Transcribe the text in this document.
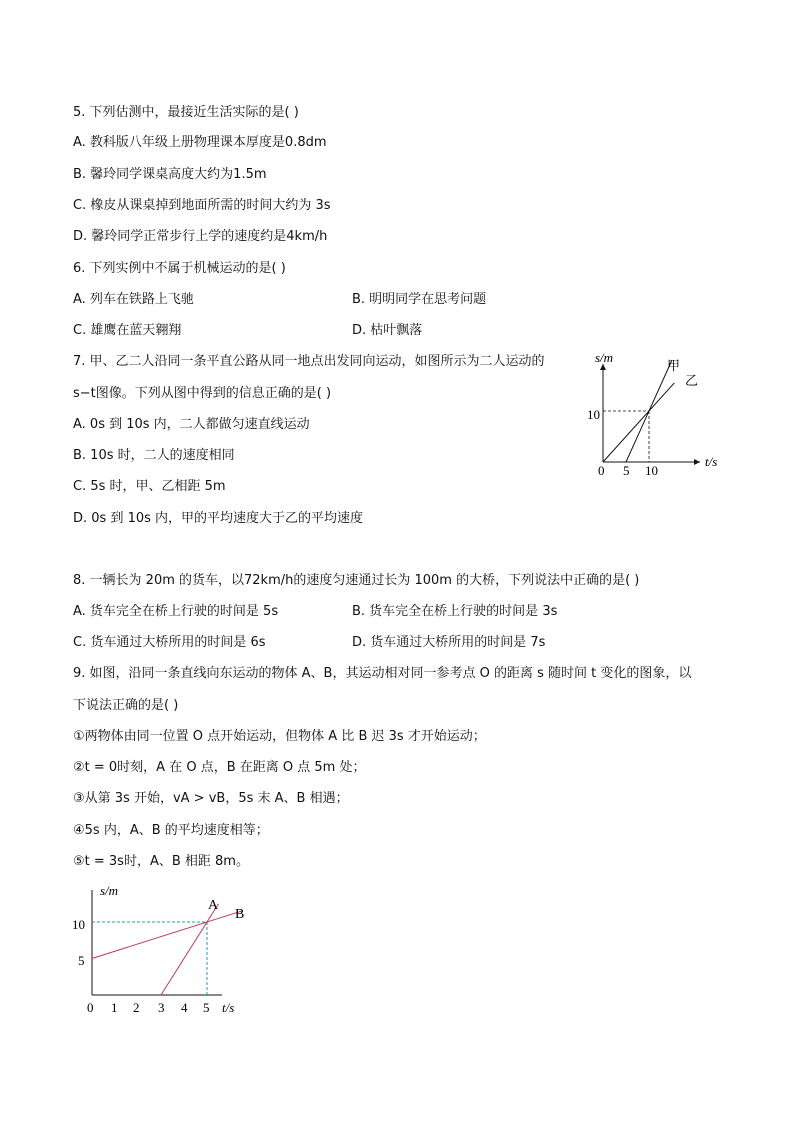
5. 下列估测中，最接近生活实际的是( )
A. 教科版八年级上册物理课本厚度是0.8dm
B. 馨玲同学课桌高度大约为1.5m
C. 橡皮从课桌掉到地面所需的时间大约为 3s
D. 馨玲同学正常步行上学的速度约是4km/h
6. 下列实例中不属于机械运动的是( )
A. 列车在铁路上飞驰	B. 明明同学在思考问题
C. 雄鹰在蓝天翱翔	D. 枯叶飘落
7. 甲、乙二人沿同一条平直公路从同一地点出发同向运动，如图所示为二人运动的
s−t图像。下列从图中得到的信息正确的是( )
A. 0s 到 10s 内，二人都做匀速直线运动
B. 10s 时，二人的速度相同
C. 5s 时，甲、乙相距 5m
D. 0s 到 10s 内，甲的平均速度大于乙的平均速度
s/m
t/s
0 5 10
10
甲
乙
8. 一辆长为 20m 的货车，以72km/h的速度匀速通过长为 100m 的大桥，下列说法中正确的是( )
A. 货车完全在桥上行驶的时间是 5s	B. 货车完全在桥上行驶的时间是 3s
C. 货车通过大桥所用的时间是 6s	D. 货车通过大桥所用的时间是 7s
9. 如图，沿同一条直线向东运动的物体 A、B，其运动相对同一参考点 O 的距离 s 随时间 t 变化的图象，以
下说法正确的是( )
①两物体由同一位置 O 点开始运动，但物体 A 比 B 迟 3s 才开始运动；
②t = 0时刻，A 在 O 点，B 在距离 O 点 5m 处；
③从第 3s 开始，vA > vB，5s 末 A、B 相遇；
④5s 内，A、B 的平均速度相等；
⑤t = 3s时，A、B 相距 8m。
s/m
t/s
0 1 2 3 4 5
5
10
A
B
